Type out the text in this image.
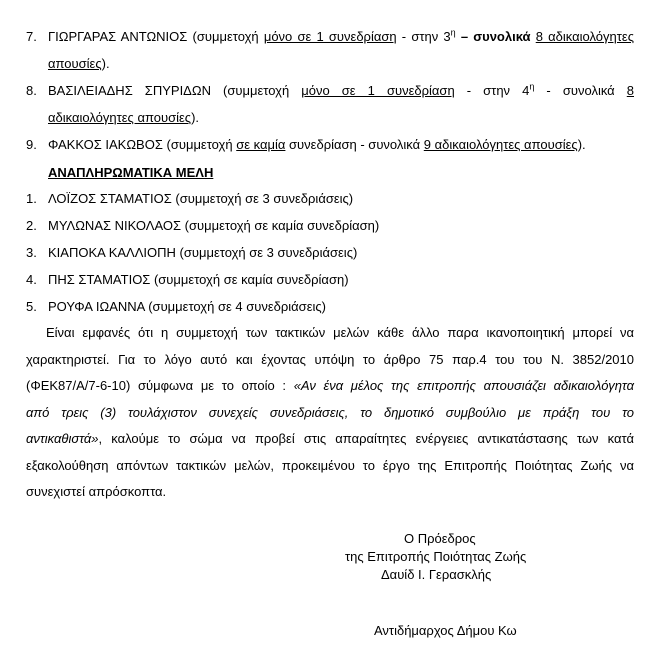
7. ΓΙΩΡΓΑΡΑΣ ΑΝΤΩΝΙΟΣ (συμμετοχή μόνο σε 1 συνεδρίαση - στην $3^\eta$ – συνολικά 8 αδικαιολόγητες
απουσίες).
8. ΒΑΣΙΛΕΙΑΔΗΣ ΣΠΥΡΙΔΩΝ (συμμετοχή μόνο σε 1 συνεδρίαση - στην $4^\eta$ - συνολικά 8
αδικαιολόγητες απουσίες).
9. ΦΑΚΚΟΣ ΙΑΚΩΒΟΣ (συμμετοχή σε καμία συνεδρίαση - συνολικά 9 αδικαιολόγητες απουσίες).
ΑΝΑΠΛΗΡΩΜΑΤΙΚΑ ΜΕΛΗ
1. ΛΟΪΖΟΣ ΣΤΑΜΑΤΙΟΣ (συμμετοχή σε 3 συνεδριάσεις)
2. ΜΥΛΩΝΑΣ ΝΙΚΟΛΑΟΣ (συμμετοχή σε καμία συνεδρίαση)
3. ΚΙΑΠΟΚΑ ΚΑΛΛΙΟΠΗ (συμμετοχή σε 3 συνεδριάσεις)
4. ΠΗΣ ΣΤΑΜΑΤΙΟΣ (συμμετοχή σε καμία συνεδρίαση)
5. ΡΟΥΦΑ ΙΩΑΝΝΑ (συμμετοχή σε 4 συνεδριάσεις)
Είναι εμφανές ότι η συμμετοχή των τακτικών μελών κάθε άλλο παρα ικανοποιητική μπορεί να
χαρακτηριστεί. Για το λόγο αυτό και έχοντας υπόψη το άρθρο 75 παρ.4 του του Ν. 3852/2010
(ΦΕΚ87/Α/7-6-10) σύμφωνα με το οποίο : «Αν ένα μέλος της επιτροπής απουσιάζει αδικαιολόγητα
από τρεις (3) τουλάχιστον συνεχείς συνεδριάσεις, το δημοτικό συμβούλιο με πράξη του το
αντικαθιστά», καλούμε το σώμα να προβεί στις απαραίτητες ενέργειες αντικατάστασης των κατά
εξακολούθηση απόντων τακτικών μελών, προκειμένου το έργο της Επιτροπής Ποιότητας Ζωής να
συνεχιστεί απρόσκοπτα.
Ο Πρόεδρος
της Επιτροπής Ποιότητας Ζωής
Δαυίδ Ι. Γερασκλής
Αντιδήμαρχος Δήμου Κω
